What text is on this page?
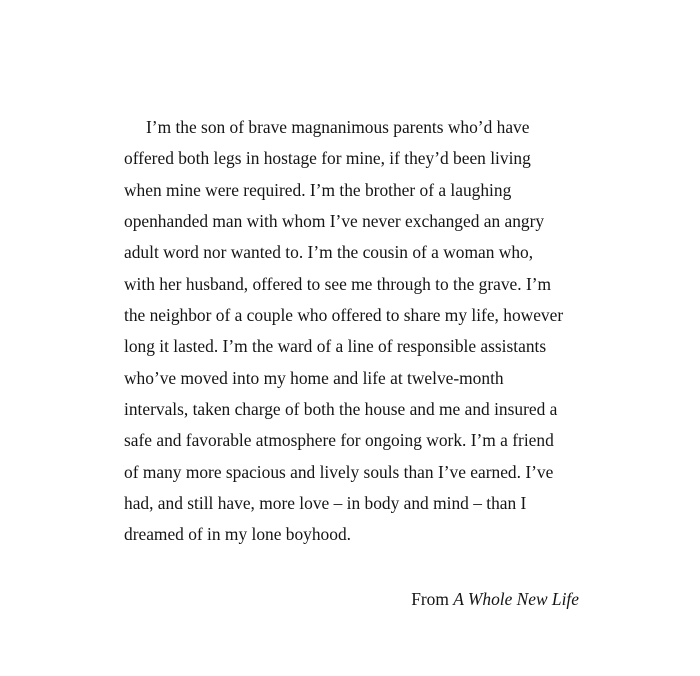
I’m the son of brave magnanimous parents who’d have
offered both legs in hostage for mine, if they’d been living
when mine were required. I’m the brother of a laughing
openhanded man with whom I’ve never exchanged an angry
adult word nor wanted to. I’m the cousin of a woman who,
with her husband, offered to see me through to the grave. I’m
the neighbor of a couple who offered to share my life, however
long it lasted. I’m the ward of a line of responsible assistants
who’ve moved into my home and life at twelve-month
intervals, taken charge of both the house and me and insured a
safe and favorable atmosphere for ongoing work. I’m a friend
of many more spacious and lively souls than I’ve earned. I’ve
had, and still have, more love – in body and mind – than I
dreamed of in my lone boyhood.
From A Whole New Life
